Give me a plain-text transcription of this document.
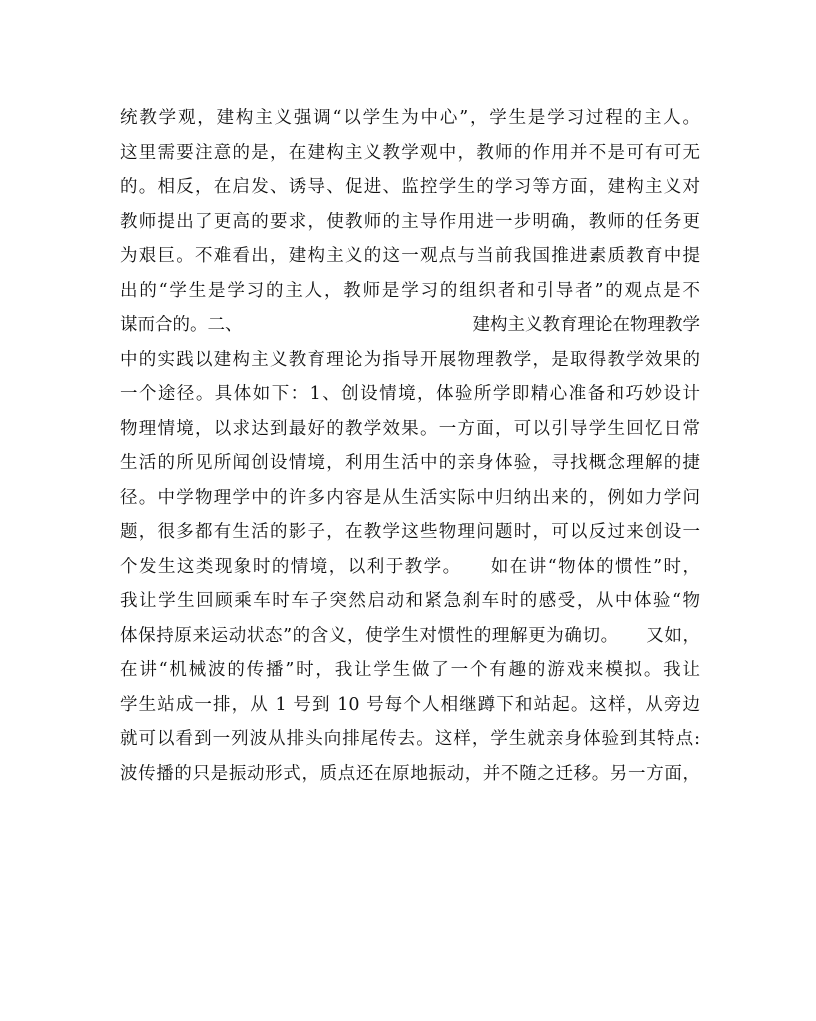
统教学观，建构主义强调“以学生为中心”，学生是学习过程的主人。
这里需要注意的是，在建构主义教学观中，教师的作用并不是可有可无
的。相反，在启发、诱导、促进、监控学生的学习等方面，建构主义对
教师提出了更高的要求，使教师的主导作用进一步明确，教师的任务更
为艰巨。不难看出，建构主义的这一观点与当前我国推进素质教育中提
出的“学生是学习的主人，教师是学习的组织者和引导者”的观点是不
谋而合的。二、	建构主义教育理论在物理教学
中的实践以建构主义教育理论为指导开展物理教学，是取得教学效果的
一个途径。具体如下：1、创设情境，体验所学即精心准备和巧妙设计
物理情境，以求达到最好的教学效果。一方面，可以引导学生回忆日常
生活的所见所闻创设情境，利用生活中的亲身体验，寻找概念理解的捷
径。中学物理学中的许多内容是从生活实际中归纳出来的，例如力学问
题，很多都有生活的影子，在教学这些物理问题时，可以反过来创设一
个发生这类现象时的情境，以利于教学。　　如在讲“物体的惯性”时，
我让学生回顾乘车时车子突然启动和紧急刹车时的感受，从中体验“物
体保持原来运动状态”的含义，使学生对惯性的理解更为确切。　　又如，
在讲“机械波的传播”时，我让学生做了一个有趣的游戏来模拟。我让
学生站成一排，从 1 号到 10 号每个人相继蹲下和站起。这样，从旁边
就可以看到一列波从排头向排尾传去。这样，学生就亲身体验到其特点:
波传播的只是振动形式，质点还在原地振动，并不随之迁移。另一方面，
